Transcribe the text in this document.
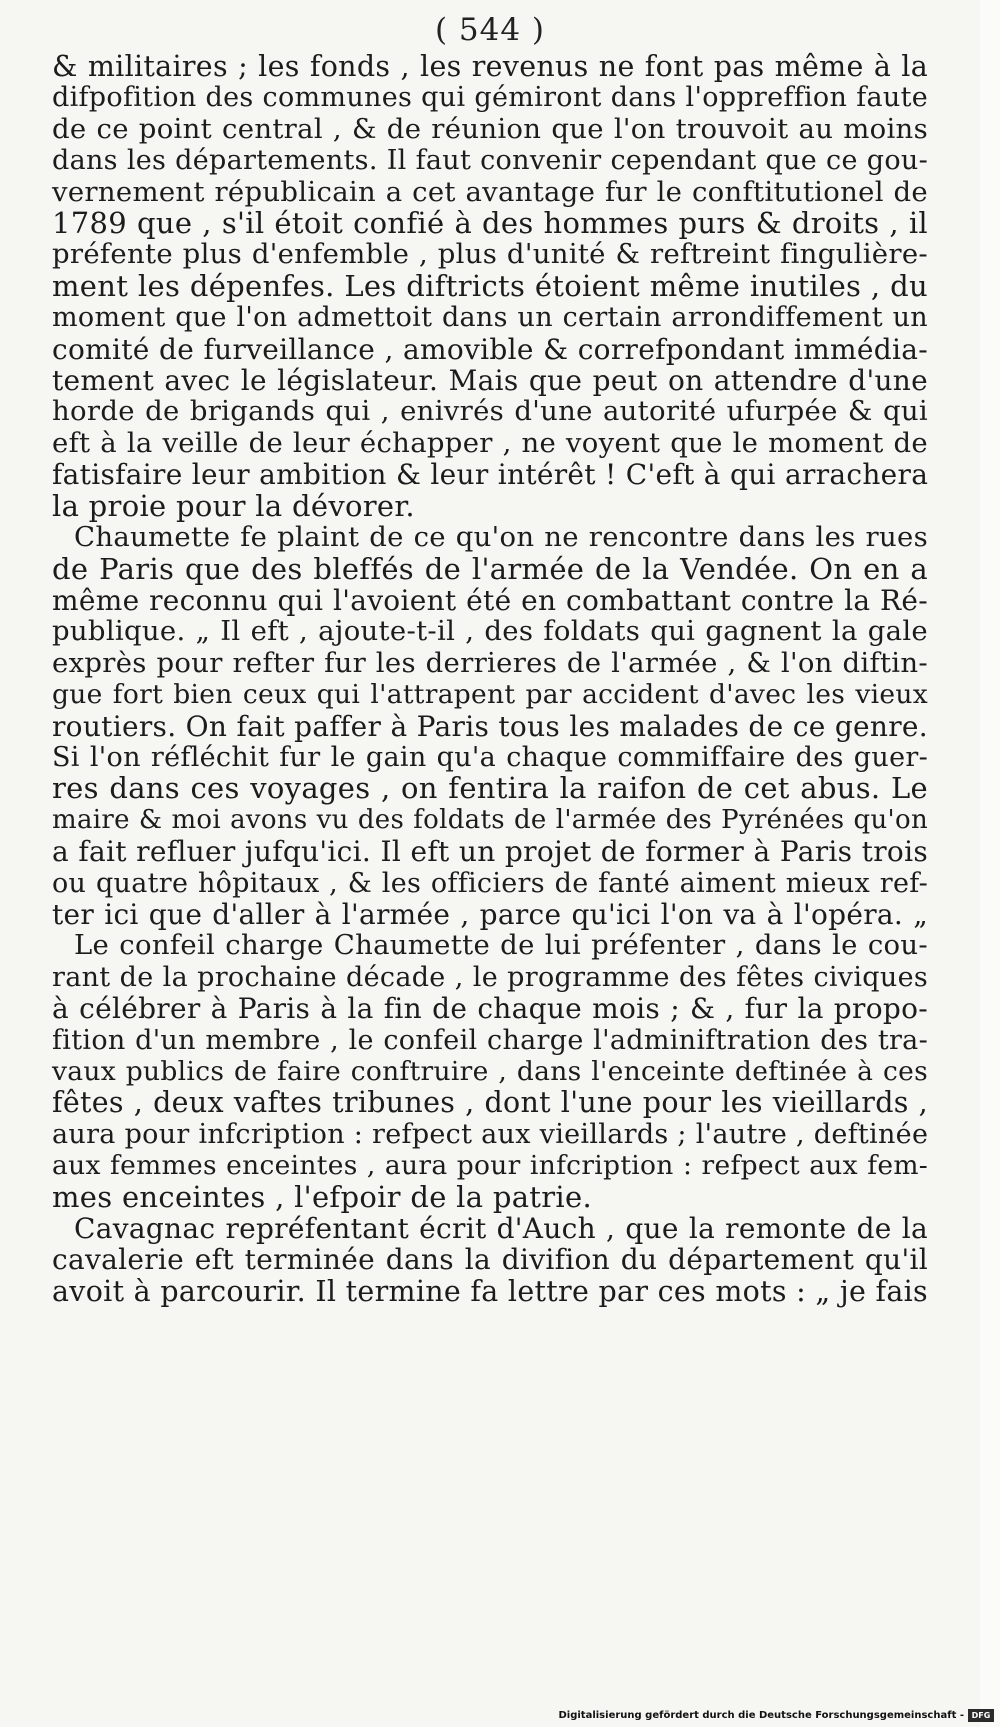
( 544 )
& militaires ; les fonds , les revenus ne font pas même à la
difpofition des communes qui gémiront dans l'oppreffion faute
de ce point central , & de réunion que l'on trouvoit au moins
dans les départements. Il faut convenir cependant que ce gou-
vernement républicain a cet avantage fur le conftitutionel de
1789 que , s'il étoit confié à des hommes purs & droits , il
préfente plus d'enfemble , plus d'unité & reftreint fingulière-
ment les dépenfes. Les diftricts étoient même inutiles , du
moment que l'on admettoit dans un certain arrondiffement un
comité de furveillance , amovible & correfpondant immédia-
tement avec le législateur. Mais que peut on attendre d'une
horde de brigands qui , enivrés d'une autorité ufurpée & qui
eft à la veille de leur échapper , ne voyent que le moment de
fatisfaire leur ambition & leur intérêt ! C'eft à qui arrachera
la proie pour la dévorer.
Chaumette fe plaint de ce qu'on ne rencontre dans les rues
de Paris que des bleffés de l'armée de la Vendée. On en a
même reconnu qui l'avoient été en combattant contre la Ré-
publique. „ Il eft , ajoute-t-il , des foldats qui gagnent la gale
exprès pour refter fur les derrieres de l'armée , & l'on diftin-
gue fort bien ceux qui l'attrapent par accident d'avec les vieux
routiers. On fait paffer à Paris tous les malades de ce genre.
Si l'on réfléchit fur le gain qu'a chaque commiffaire des guer-
res dans ces voyages , on fentira la raifon de cet abus. Le
maire & moi avons vu des foldats de l'armée des Pyrénées qu'on
a fait refluer jufqu'ici. Il eft un projet de former à Paris trois
ou quatre hôpitaux , & les officiers de fanté aiment mieux ref-
ter ici que d'aller à l'armée , parce qu'ici l'on va à l'opéra. „
Le confeil charge Chaumette de lui préfenter , dans le cou-
rant de la prochaine décade , le programme des fêtes civiques
à célébrer à Paris à la fin de chaque mois ; & , fur la propo-
fition d'un membre , le confeil charge l'adminiftration des tra-
vaux publics de faire conftruire , dans l'enceinte deftinée à ces
fêtes , deux vaftes tribunes , dont l'une pour les vieillards ,
aura pour infcription : refpect aux vieillards ; l'autre , deftinée
aux femmes enceintes , aura pour infcription : refpect aux fem-
mes enceintes , l'efpoir de la patrie.
Cavagnac repréfentant écrit d'Auch , que la remonte de la
cavalerie eft terminée dans la divifion du département qu'il
avoit à parcourir. Il termine fa lettre par ces mots : „ je fais
Digitalisierung gefördert durch die Deutsche Forschungsgemeinschaft - DFG
